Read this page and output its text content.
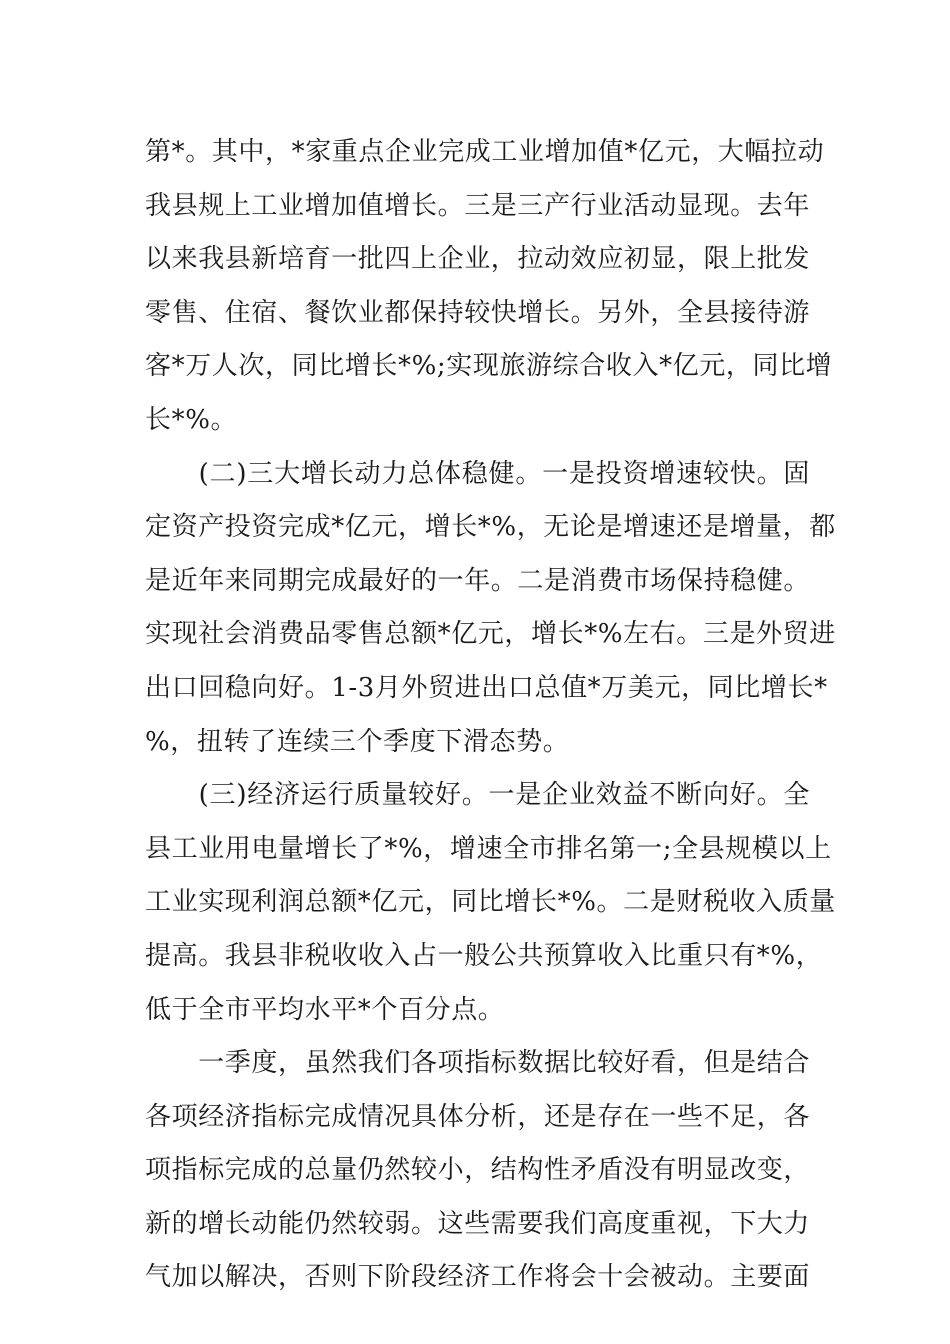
第*。其中，*家重点企业完成工业增加值*亿元，大幅拉动
我县规上工业增加值增长。三是三产行业活动显现。去年
以来我县新培育一批四上企业，拉动效应初显，限上批发
零售、住宿、餐饮业都保持较快增长。另外，全县接待游
客*万人次，同比增长*%;实现旅游综合收入*亿元，同比增
长*%。
　　(二)三大增长动力总体稳健。一是投资增速较快。固
定资产投资完成*亿元，增长*%，无论是增速还是增量，都
是近年来同期完成最好的一年。二是消费市场保持稳健。
实现社会消费品零售总额*亿元，增长*%左右。三是外贸进
出口回稳向好。1-3月外贸进出口总值*万美元，同比增长*
%，扭转了连续三个季度下滑态势。
　　(三)经济运行质量较好。一是企业效益不断向好。全
县工业用电量增长了*%，增速全市排名第一;全县规模以上
工业实现利润总额*亿元，同比增长*%。二是财税收入质量
提高。我县非税收收入占一般公共预算收入比重只有*%，
低于全市平均水平*个百分点。
　　一季度，虽然我们各项指标数据比较好看，但是结合
各项经济指标完成情况具体分析，还是存在一些不足，各
项指标完成的总量仍然较小，结构性矛盾没有明显改变，
新的增长动能仍然较弱。这些需要我们高度重视，下大力
气加以解决，否则下阶段经济工作将会十会被动。主要面
